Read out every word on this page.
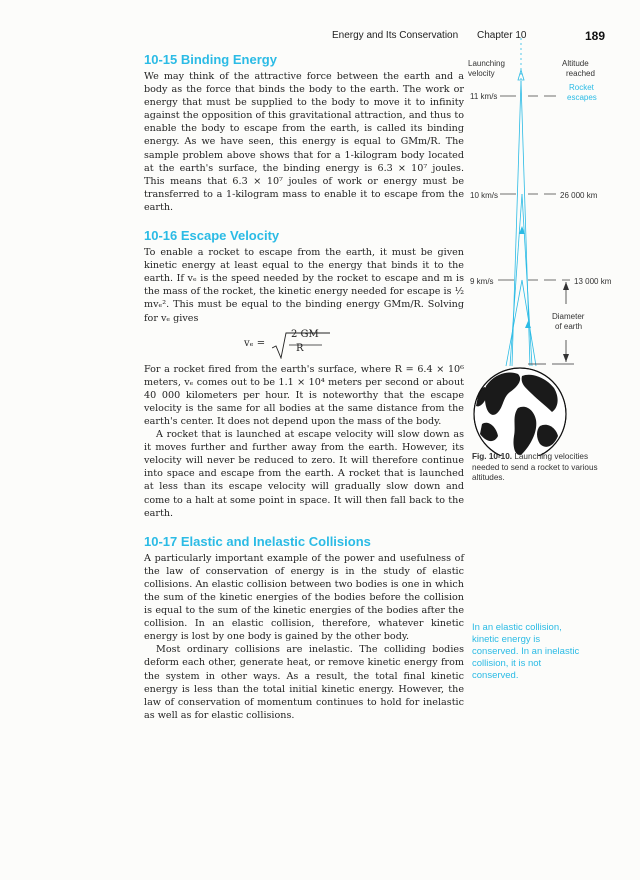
Energy and Its Conservation Chapter 10	189
10-15 Binding Energy

We may think of the attractive force between the earth and a body as the force that binds the body to the earth. The work or energy that must be supplied to the body to move it to infinity against the opposition of this gravitational attraction, and thus to enable the body to escape from the earth, is called its binding energy. As we have seen, this energy is equal to GMm/R. The sample problem above shows that for a 1-kilogram body located at the earth's surface, the binding energy is 6.3 × 10⁷ joules. This means that 6.3 × 10⁷ joules of work or energy must be transferred to a 1-kilogram mass to enable it to escape from the earth.

10-16 Escape Velocity

To enable a rocket to escape from the earth, it must be given kinetic energy at least equal to the energy that binds it to the earth. If vₑ is the speed needed by the rocket to escape and m is the mass of the rocket, the kinetic energy needed for escape is ½ mvₑ². This must be equal to the binding energy GMm/R. Solving for vₑ gives

vₑ =
2 GM
R

For a rocket fired from the earth's surface, where R = 6.4 × 10⁶ meters, vₑ comes out to be 1.1 × 10⁴ meters per second or about 40 000 kilometers per hour. It is noteworthy that the escape velocity is the same for all bodies at the same distance from the earth's center. It does not depend upon the mass of the body.

A rocket that is launched at escape velocity will slow down as it moves further and further away from the earth. However, its velocity will never be reduced to zero. It will therefore continue into space and escape from the earth. A rocket that is launched at less than its escape velocity will gradually slow down and come to a halt at some point in space. It will then fall back to the earth.

10-17 Elastic and Inelastic Collisions

A particularly important example of the power and usefulness of the law of conservation of energy is in the study of elastic collisions. An elastic collision between two bodies is one in which the sum of the kinetic energies of the bodies before the collision is equal to the sum of the kinetic energies of the bodies after the collision. In an elastic collision, therefore, whatever kinetic energy is lost by one body is gained by the other body.

Most ordinary collisions are inelastic. The colliding bodies deform each other, generate heat, or remove kinetic energy from the system in other ways. As a result, the total final kinetic energy is less than the total initial kinetic energy. However, the law of conservation of momentum continues to hold for inelastic as well as for elastic collisions.

Launching
velocity
Altitude
reached
Rocket
escapes
11 km/s
10 km/s	26 000 km
9 km/s	13 000 km
Diameter
of earth
Fig. 10-10. Launching velocities needed to send a rocket to various altitudes.
In an elastic collision, kinetic energy is conserved. In an inelastic collision, it is not conserved.
